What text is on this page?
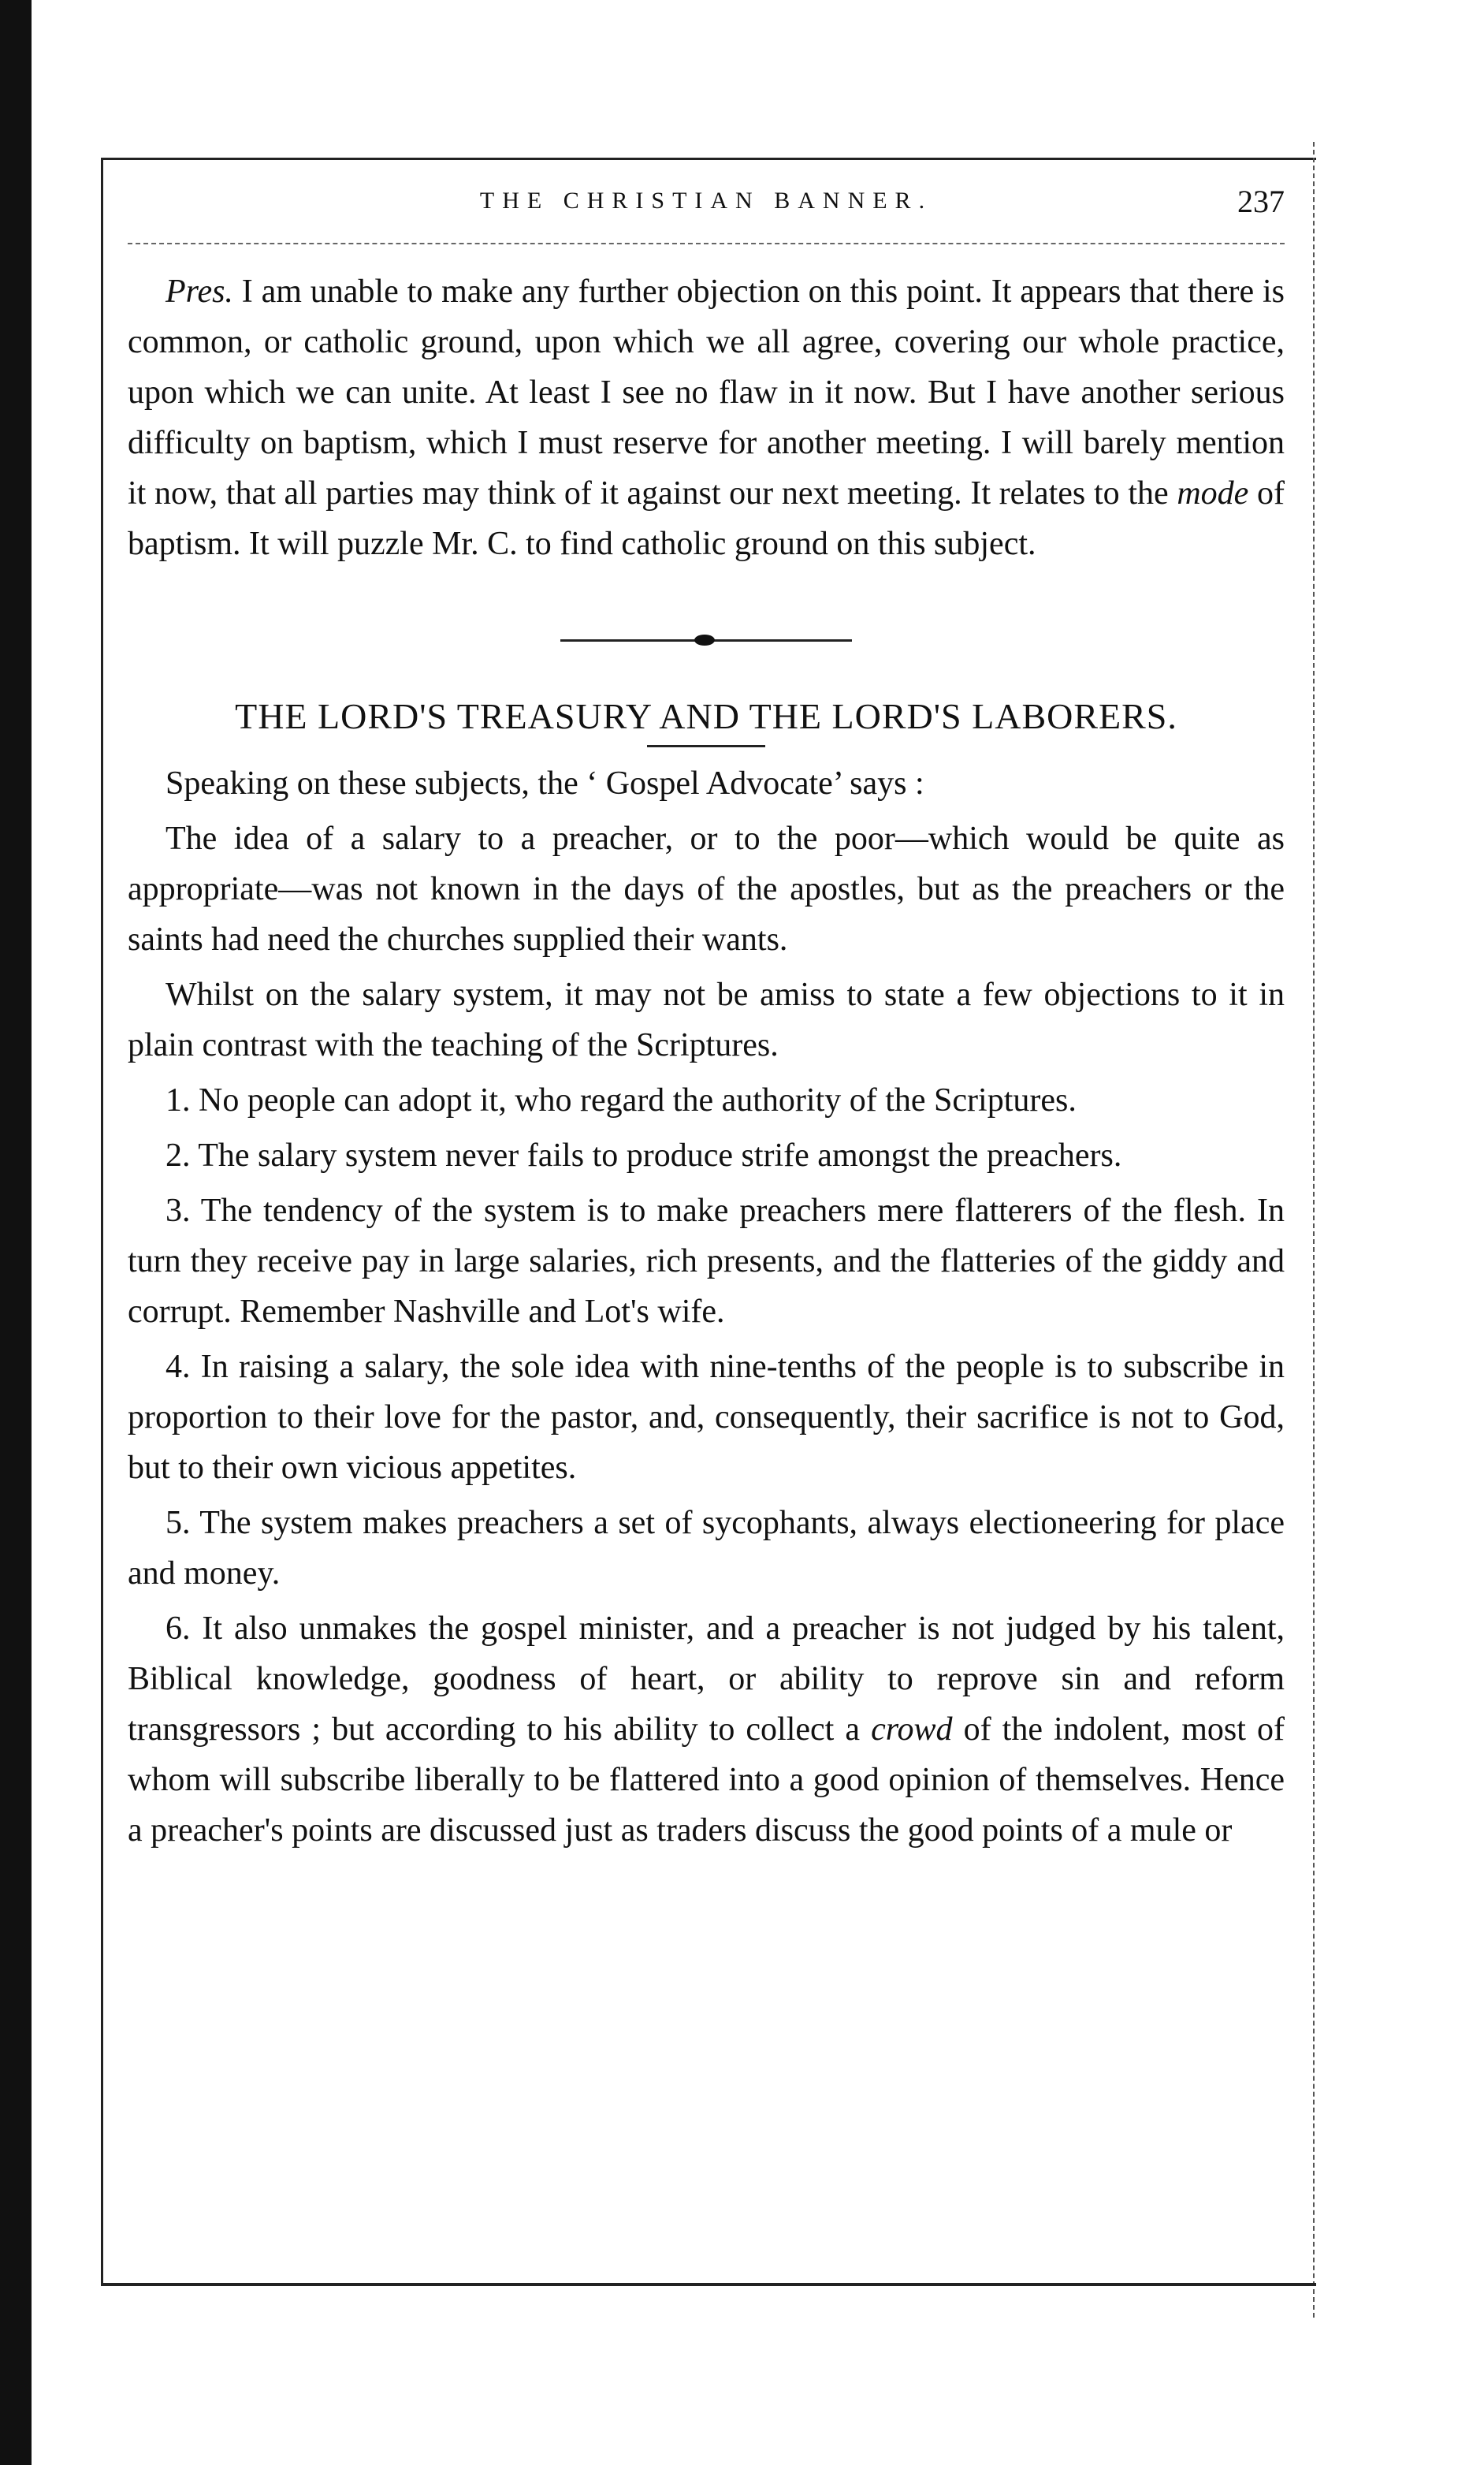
THE CHRISTIAN BANNER.	237

Pres. I am unable to make any further objection on this point. It appears that there is common, or catholic ground, upon which we all agree, covering our whole practice, upon which we can unite. At least I see no flaw in it now. But I have another serious difficulty on baptism, which I must reserve for another meeting. I will barely mention it now, that all parties may think of it against our next meeting. It relates to the mode of baptism. It will puzzle Mr. C. to find catholic ground on this subject.

THE LORD'S TREASURY AND THE LORD'S LABORERS.

Speaking on these subjects, the ‘ Gospel Advocate’ says :

The idea of a salary to a preacher, or to the poor—which would be quite as appropriate—was not known in the days of the apostles, but as the preachers or the saints had need the churches supplied their wants.

Whilst on the salary system, it may not be amiss to state a few objections to it in plain contrast with the teaching of the Scriptures.

1. No people can adopt it, who regard the authority of the Scriptures.

2. The salary system never fails to produce strife amongst the preachers.

3. The tendency of the system is to make preachers mere flatterers of the flesh. In turn they receive pay in large salaries, rich presents, and the flatteries of the giddy and corrupt. Remember Nashville and Lot's wife.

4. In raising a salary, the sole idea with nine-tenths of the people is to subscribe in proportion to their love for the pastor, and, consequently, their sacrifice is not to God, but to their own vicious appetites.

5. The system makes preachers a set of sycophants, always electioneering for place and money.

6. It also unmakes the gospel minister, and a preacher is not judged by his talent, Biblical knowledge, goodness of heart, or ability to reprove sin and reform transgressors ; but according to his ability to collect a crowd of the indolent, most of whom will subscribe liberally to be flattered into a good opinion of themselves. Hence a preacher's points are discussed just as traders discuss the good points of a mule or
